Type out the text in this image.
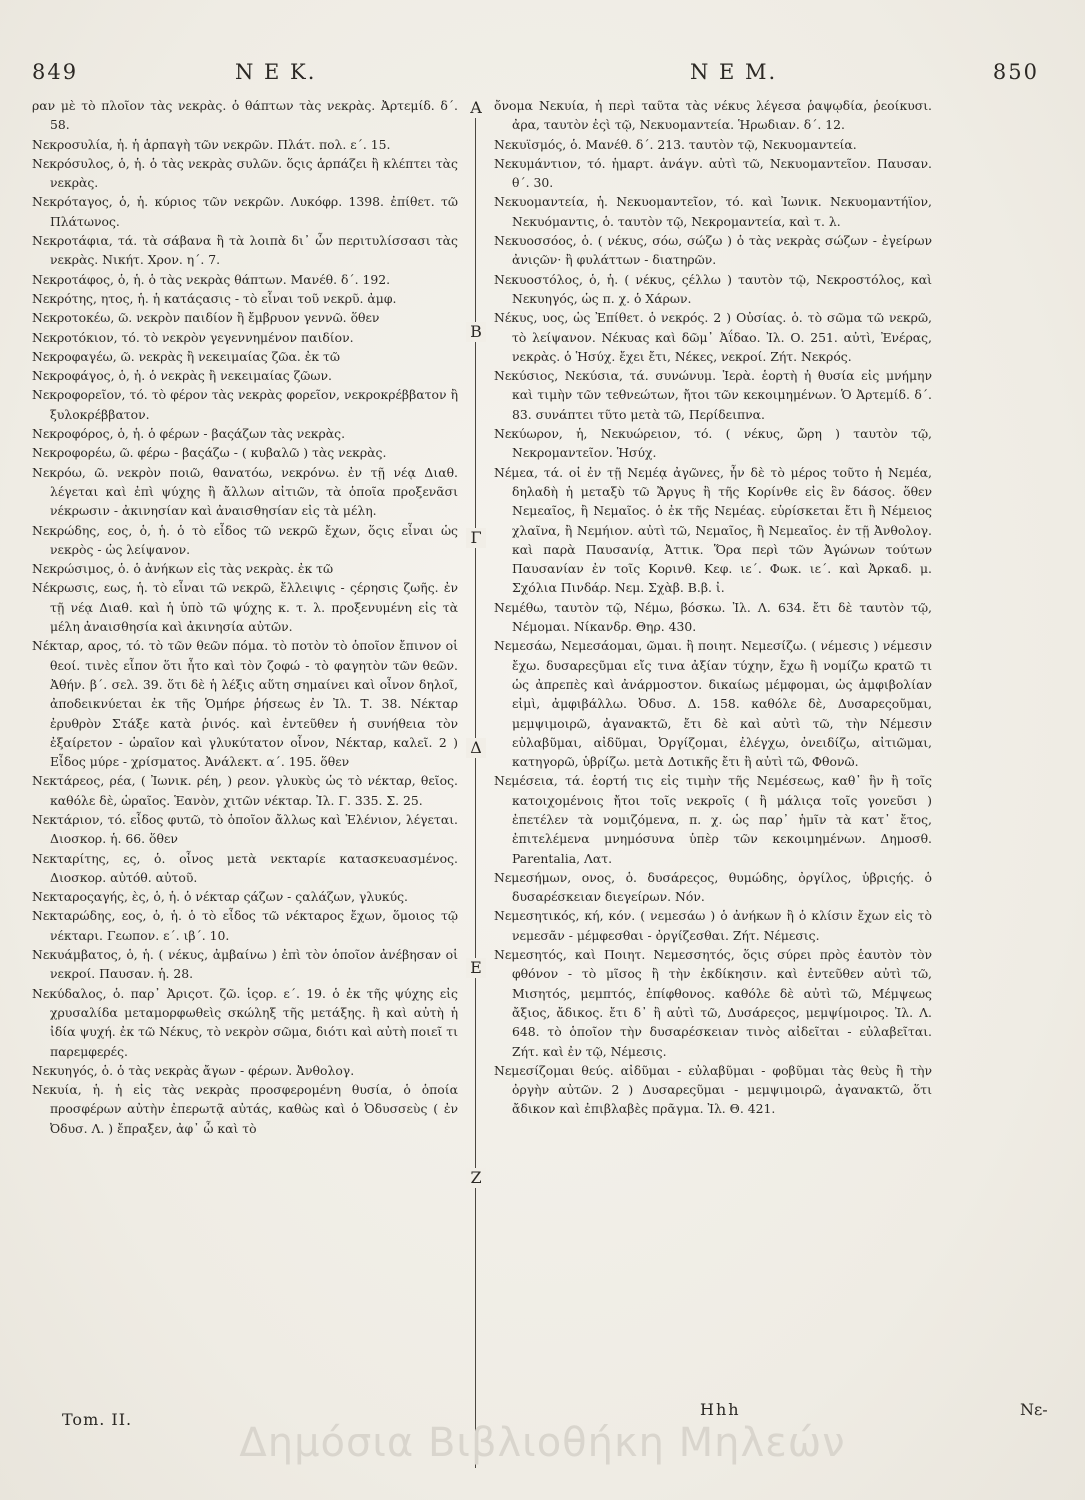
849	Ν Ε Κ.	Ν Ε Μ.	850

ραν μὲ τὸ πλοῖον τὰς νεκρὰς. ὁ θάπτων τὰς νεκρὰς. Ἀρτεμίδ. δ΄. 58.

Νεκροσυλία, ἡ. ἡ ἁρπαγὴ τῶν νεκρῶν. Πλάτ. πολ. ε΄. 15.

Νεκρόσυλος, ὁ, ἡ. ὁ τὰς νεκρὰς συλῶν. ὅςις ἁρπάζει ἢ κλέπτει τὰς νεκρὰς.

Νεκρόταγος, ὁ, ἡ. κύριος τῶν νεκρῶν. Λυκόφρ. 1398. ἐπίθετ. τῶ Πλάτωνος.

Νεκροτάφια, τά. τὰ σάβανα ἢ τὰ λοιπὰ δι᾽ ὧν περιτυλίσσασι τὰς νεκρὰς. Νικήτ. Χρον. η΄. 7.

Νεκροτάφος, ὁ, ἡ. ὁ τὰς νεκρὰς θάπτων. Μανέθ. δ΄. 192.

Νεκρότης, ητος, ἡ. ἡ κατάςασις - τὸ εἶναι τοῦ νεκρῦ. ἀμφ.

Νεκροτοκέω, ῶ. νεκρὸν παιδίον ἢ ἔμβρυον γεννῶ. ὅθεν

Νεκροτόκιον, τό. τὸ νεκρὸν γεγεννημένον παιδίον.

Νεκροφαγέω, ῶ. νεκρὰς ἢ νεκειμαίας ζῶα. ἐκ τῶ

Νεκροφάγος, ὁ, ἡ. ὁ νεκρὰς ἢ νεκειμαίας ζῶων.

Νεκροφορεῖον, τό. τὸ φέρον τὰς νεκρὰς φορεῖον, νεκροκρέββατον ἢ ξυλοκρέββατον.

Νεκροφόρος, ὁ, ἡ. ὁ φέρων - βαςάζων τὰς νεκρὰς.

Νεκροφορέω, ῶ. φέρω - βαςάζω - ( κυβαλῶ ) τὰς νεκρὰς.

Νεκρόω, ῶ. νεκρὸν ποιῶ, θανατόω, νεκρόνω. ἐν τῇ νέᾳ Διαθ. λέγεται καὶ ἐπὶ ψύχης ἢ ἄλλων αἰτιῶν, τὰ ὁποῖα προξενᾶσι νέκρωσιν - ἀκινησίαν καὶ ἀναισθησίαν εἰς τὰ μέλη.

Νεκρώδης, εος, ὁ, ἡ. ὁ τὸ εἶδος τῶ νεκρῶ ἔχων, ὅςις εἶναι ὡς νεκρὸς - ὡς λείψανον.

Νεκρώσιμος, ὁ. ὁ ἀνήκων εἰς τὰς νεκρὰς. ἐκ τῶ

Νέκρωσις, εως, ἡ. τὸ εἶναι τῶ νεκρῶ, ἔλλειψις - ςέρησις ζωῆς. ἐν τῇ νέᾳ Διαθ. καὶ ἡ ὑπὸ τῶ ψύχης κ. τ. λ. προξενυμένη εἰς τὰ μέλη ἀναισθησία καὶ ἀκινησία αὐτῶν.

Νέκταρ, αρος, τό. τὸ τῶν θεῶν πόμα. τὸ ποτὸν τὸ ὁποῖον ἔπινον οἱ θεοί. τινὲς εἶπον ὅτι ἦτο καὶ τὸν ζοφώ - τὸ φαγητὸν τῶν θεῶν. Ἀθήν. β΄. σελ. 39. ὅτι δὲ ἡ λέξις αὕτη σημαίνει καὶ οἶνον δηλοῖ, ἀποδεικνύεται ἐκ τῆς Ὁμήρε ῥήσεως ἐν Ἰλ. Τ. 38. Νέκταρ ἐρυθρὸν Στάξε κατὰ ῥινός. καὶ ἐντεῦθεν ἡ συνήθεια τὸν ἐξαίρετον - ὡραῖον καὶ γλυκύτατον οἶνον, Νέκταρ, καλεῖ. 2 ) Εἶδος μύρε - χρίσματος. Ἀνάλεκτ. α΄. 195. ὅθεν

Νεκτάρεος, ρέα, ( Ἰωνικ. ρέη, ) ρεον. γλυκὺς ὡς τὸ νέκταρ, θεῖος. καθόλε δὲ, ὡραῖος. Ἑανὸν, χιτῶν νέκταρ. Ἰλ. Γ. 335. Σ. 25.

Νεκτάριον, τό. εἶδος φυτῶ, τὸ ὁποῖον ἄλλως καὶ Ἑλένιον, λέγεται. Διοσκορ. ἡ. 66. ὅθεν

Νεκταρίτης, ες, ὁ. οἶνος μετὰ νεκταρίε κατασκευασμένος. Διοσκορ. αὐτόθ. αὐτοῦ.

Νεκταροςαγής, ὲς, ὁ, ἡ. ὁ νέκταρ ςάζων - ςαλάζων, γλυκύς.

Νεκταρώδης, εος, ὁ, ἡ. ὁ τὸ εἶδος τῶ νέκταρος ἔχων, ὅμοιος τῷ νέκταρι. Γεωπον. ε΄. ιβ΄. 10.

Νεκυάμβατος, ὁ, ἡ. ( νέκυς, ἀμβαίνω ) ἐπὶ τὸν ὁποῖον ἀνέβησαν οἱ νεκροί. Παυσαν. ἡ. 28.

Νεκύδαλος, ὁ. παρ᾽ Ἀριςοτ. ζῶ. ἱςορ. ε΄. 19. ὁ ἐκ τῆς ψύχης εἰς χρυσαλίδα μεταμορφωθεὶς σκώληξ τῆς μετάξης. ἢ καὶ αὐτὴ ἡ ἰδία ψυχή. ἐκ τῶ Νέκυς, τὸ νεκρὸν σῶμα, διότι καὶ αὐτὴ ποιεῖ τι παρεμφερές.

Νεκυηγός, ὁ. ὁ τὰς νεκρὰς ἄγων - φέρων. Ἀνθολογ.

Νεκυία, ἡ. ἡ εἰς τὰς νεκρὰς προσφερομένη θυσία, ὁ ὁποία προσφέρων αὐτὴν ἐπερωτᾷ αὐτάς, καθὼς καὶ ὁ Ὀδυσσεὺς ( ἐν Ὀδυσ. Λ. ) ἔπραξεν, ἀφ᾽ ὧ καὶ τὸ

Α
Β
Γ
Δ
Ε
Ζ

ὄνομα Νεκυία, ἡ περὶ ταῦτα τὰς νέκυς λέγεσα ῥαψῳδία, ῥεοίκυσι. ἀρα, ταυτὸν ἐςὶ τῷ, Νεκυομαντεία. Ἡρωδιαν. δ΄. 12.

Νεκυϊσμός, ὁ. Μανέθ. δ΄. 213. ταυτὸν τῷ, Νεκυομαντεία.

Νεκυμάντιον, τό. ἡμαρτ. ἀνάγν. αὐτὶ τῶ, Νεκυομαντεῖον. Παυσαν. θ΄. 30.

Νεκυομαντεία, ἡ. Νεκυομαντεῖον, τό. καὶ Ἰωνικ. Νεκυομαντήϊον, Νεκυόμαντις, ὁ. ταυτὸν τῷ, Νεκρομαντεία, καὶ τ. λ.

Νεκυοσσόος, ὁ. ( νέκυς, σόω, σώζω ) ὁ τὰς νεκρὰς σώζων - ἐγείρων ἀνιςῶν· ἢ φυλάττων - διατηρῶν.

Νεκυοστόλος, ὁ, ἡ. ( νέκυς, ςέλλω ) ταυτὸν τῷ, Νεκροστόλος, καὶ Νεκυηγός, ὡς π. χ. ὁ Χάρων.

Νέκυς, υος, ὡς Ἐπίθετ. ὁ νεκρός. 2 ) Οὐσίας. ὁ. τὸ σῶμα τῶ νεκρῶ, τὸ λείψανον. Νέκυας καὶ δῶμ᾽ Ἀΐδαο. Ἰλ. Ο. 251. αὐτὶ, Ἐνέρας, νεκρὰς. ὁ Ἡσύχ. ἔχει ἔτι, Νέκες, νεκροί. Ζήτ. Νεκρός.

Νεκύσιος, Νεκύσια, τά. συνώνυμ. Ἱερὰ. ἑορτὴ ἡ θυσία εἰς μνήμην καὶ τιμὴν τῶν τεθνεώτων, ἤτοι τῶν κεκοιμημένων. Ὁ Ἀρτεμίδ. δ΄. 83. συνάπτει τῦτο μετὰ τῶ, Περίδειπνα.

Νεκύωρον, ἡ, Νεκυώρειον, τό. ( νέκυς, ὤρη ) ταυτὸν τῷ, Νεκρομαντεῖον. Ἡσύχ.

Νέμεα, τά. οἱ ἐν τῇ Νεμέᾳ ἀγῶνες, ἦν δὲ τὸ μέρος τοῦτο ἡ Νεμέα, δηλαδὴ ἡ μεταξὺ τῶ Ἄργυς ἢ τῆς Κορίνθε εἰς ἓν δάσος. ὅθεν Νεμεαῖος, ἢ Νεμαῖος. ὁ ἐκ τῆς Νεμέας. εὑρίσκεται ἔτι ἢ Νέμειος χλαῖνα, ἢ Νεμήιον. αὐτὶ τῶ, Νεμαῖος, ἢ Νεμεαῖος. ἐν τῇ Ἀνθολογ. καὶ παρὰ Παυσανίᾳ, Ἀττικ. Ὅρα περὶ τῶν Ἀγώνων τούτων Παυσανίαν ἐν τοῖς Κορινθ. Κεφ. ιε΄. Φωκ. ιε΄. καὶ Ἀρκαδ. μ. Σχόλια Πινδάρ. Νεμ. Σχὰβ. Β.β. ἰ.

Νεμέθω, ταυτὸν τῷ, Νέμω, βόσκω. Ἰλ. Λ. 634. ἔτι δὲ ταυτὸν τῷ, Νέμομαι. Νίκανδρ. Θηρ. 430.

Νεμεσάω, Νεμεσάομαι, ῶμαι. ἢ ποιητ. Νεμεσίζω. ( νέμεσις ) νέμεσιν ἔχω. δυσαρεςῦμαι εἴς τινα ἀξίαν τύχην, ἔχω ἢ νομίζω κρατῶ τι ὡς ἀπρεπὲς καὶ ἀνάρμοστον. δικαίως μέμφομαι, ὡς ἀμφιβολίαν εἰμὶ, ἀμφιβάλλω. Ὀδυσ. Δ. 158. καθόλε δὲ, Δυσαρεςοῦμαι, μεμψιμοιρῶ, ἀγανακτῶ, ἔτι δὲ καὶ αὐτὶ τῶ, τὴν Νέμεσιν εὐλαβῦμαι, αἰδῦμαι, Ὀργίζομαι, ἐλέγχω, ὀνειδίζω, αἰτιῶμαι, κατηγορῶ, ὑβρίζω. μετὰ Δοτικῆς ἔτι ἢ αὐτὶ τῶ, Φθονῶ.

Νεμέσεια, τά. ἑορτή τις εἰς τιμὴν τῆς Νεμέσεως, καθ᾽ ἣν ἢ τοῖς κατοιχομένοις ἤτοι τοῖς νεκροῖς ( ἢ μάλιςα τοῖς γονεῦσι ) ἐπετέλεν τὰ νομιζόμενα, π. χ. ὡς παρ᾽ ἡμῖν τὰ κατ᾽ ἔτος, ἐπιτελέμενα μνημόσυνα ὑπὲρ τῶν κεκοιμημένων. Δημοσθ. Parentalia, Λατ.

Νεμεσήμων, ονος, ὁ. δυσάρεςος, θυμώδης, ὀργίλος, ὑβριςής. ὁ δυσαρέσκειαν διεγείρων. Νόν.

Νεμεσητικός, κή, κόν. ( νεμεσάω ) ὁ ἀνήκων ἢ ὁ κλίσιν ἔχων εἰς τὸ νεμεσᾶν - μέμφεσθαι - ὀργίζεσθαι. Ζήτ. Νέμεσις.

Νεμεσητός, καὶ Ποιητ. Νεμεσσητός, ὅςις σύρει πρὸς ἑαυτὸν τὸν φθόνον - τὸ μῖσος ἢ τὴν ἐκδίκησιν. καὶ ἐντεῦθεν αὐτὶ τῶ, Μισητός, μεμπτός, ἐπίφθονος. καθόλε δὲ αὐτὶ τῶ, Μέμψεως ἄξιος, ἄδικος. ἔτι δ᾽ ἢ αὐτὶ τῶ, Δυσάρεςος, μεμψίμοιρος. Ἰλ. Λ. 648. τὸ ὁποῖον τὴν δυσαρέσκειαν τινὸς αἰδεῖται - εὐλαβεῖται. Ζήτ. καὶ ἐν τῷ, Νέμεσις.

Νεμεσίζομαι θεύς. αἰδῦμαι - εὐλαβῦμαι - φοβῦμαι τὰς θεὺς ἢ τὴν ὀργὴν αὐτῶν. 2 ) Δυσαρεςῦμαι - μεμψιμοιρῶ, ἀγανακτῶ, ὅτι ἄδικον καὶ ἐπιβλαβὲς πρᾶγμα. Ἰλ. Θ. 421.

Tom. II.
Hhh	Νε-
Δημόσια Βιβλιοθήκη Μηλεών
